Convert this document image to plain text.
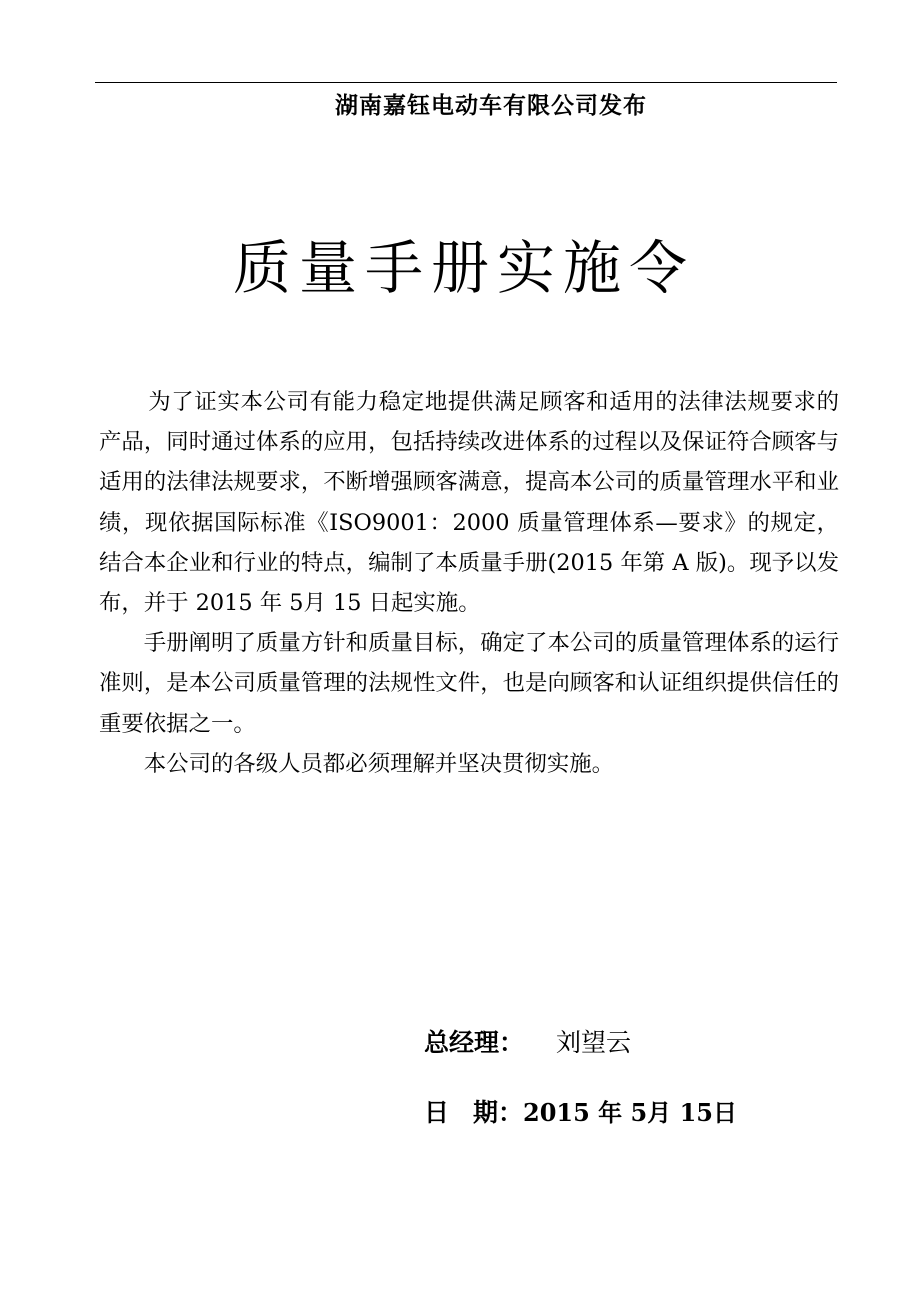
湖南嘉钰电动车有限公司发布
质量手册实施令

为了证实本公司有能力稳定地提供满足顾客和适用的法律法规要求的产品，同时通过体系的应用，包括持续改进体系的过程以及保证符合顾客与适用的法律法规要求，不断增强顾客满意，提高本公司的质量管理水平和业绩，现依据国际标准《ISO9001：2000 质量管理体系—要求》的规定，结合本企业和行业的特点，编制了本质量手册(2015 年第 A 版)。现予以发布，并于 2015 年 5月 15 日起实施。

手册阐明了质量方针和质量目标，确定了本公司的质量管理体系的运行准则，是本公司质量管理的法规性文件，也是向顾客和认证组织提供信任的重要依据之一。

本公司的各级人员都必须理解并坚决贯彻实施。

总经理： 刘望云
日 期：2015 年 5月 15日
